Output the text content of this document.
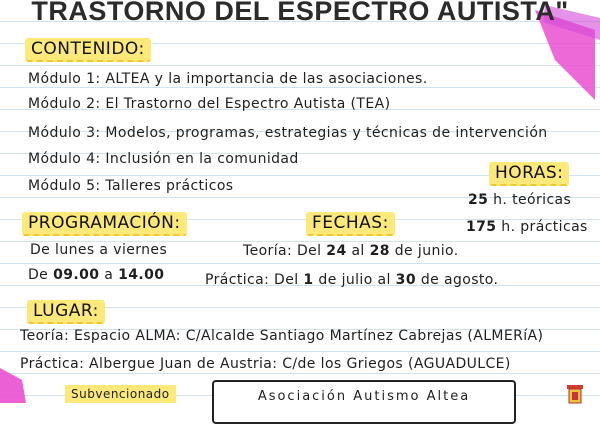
TRASTORNO DEL ESPECTRO AUTISTA"
CONTENIDO:
Módulo 1: ALTEA y la importancia de las asociaciones.
Módulo 2: El Trastorno del Espectro Autista (TEA)
Módulo 3: Modelos, programas, estrategias y técnicas de intervención
Módulo 4: Inclusión en la comunidad
Módulo 5: Talleres prácticos
HORAS:
25 h. teóricas
175 h. prácticas
PROGRAMACIÓN:
De lunes a viernes
De 09.00 a 14.00
FECHAS:
Teoría: Del 24 al 28 de junio.
Práctica: Del 1 de julio al 30 de agosto.
LUGAR:
Teoría: Espacio ALMA: C/Alcalde Santiago Martínez Cabrejas (ALMERíA)
Práctica: Albergue Juan de Austria: C/de los Griegos (AGUADULCE)
Subvencionado	Asociación Autismo Altea
